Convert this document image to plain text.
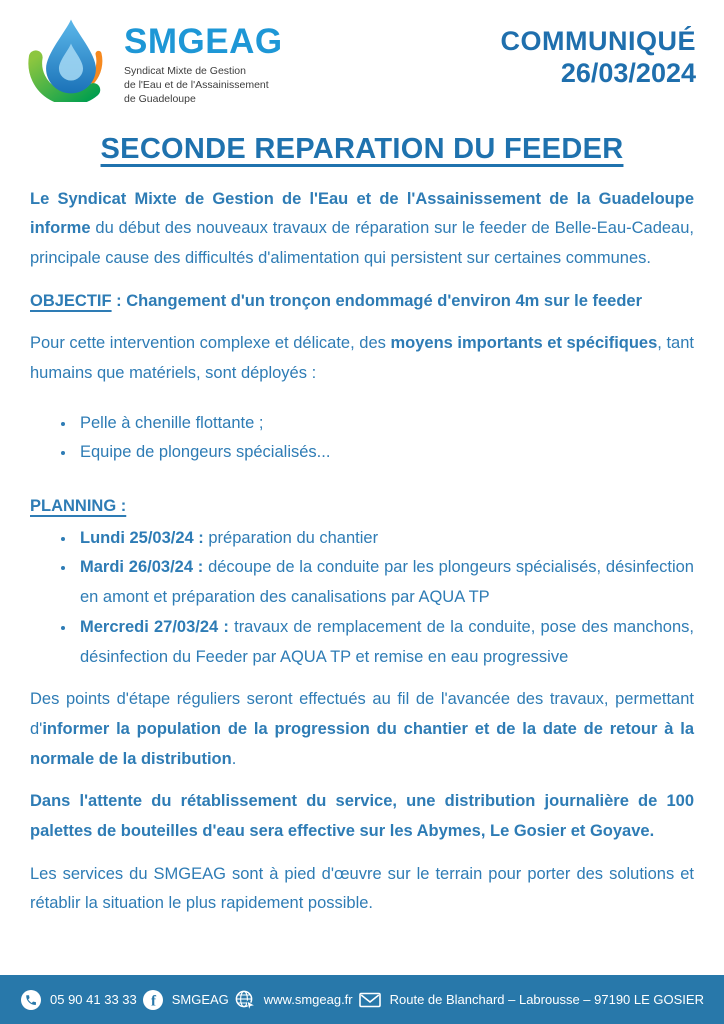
SMGEAG
Syndicat Mixte de Gestion
de l'Eau et de l'Assainissement
de Guadeloupe
COMMUNIQUÉ
26/03/2024
SECONDE REPARATION DU FEEDER

Le Syndicat Mixte de Gestion de l'Eau et de l'Assainissement de la Guadeloupe informe du début des nouveaux travaux de réparation sur le feeder de Belle-Eau-Cadeau, principale cause des difficultés d'alimentation qui persistent sur certaines communes.

OBJECTIF : Changement d'un tronçon endommagé d'environ 4m sur le feeder

Pour cette intervention complexe et délicate, des moyens importants et spécifiques, tant humains que matériels, sont déployés :

• Pelle à chenille flottante ;
• Equipe de plongeurs spécialisés...

PLANNING :

• Lundi 25/03/24 : préparation du chantier
• Mardi 26/03/24 : découpe de la conduite par les plongeurs spécialisés, désinfection en amont et préparation des canalisations par AQUA TP
• Mercredi 27/03/24 : travaux de remplacement de la conduite, pose des manchons, désinfection du Feeder par AQUA TP et remise en eau progressive

Des points d'étape réguliers seront effectués au fil de l'avancée des travaux, permettant d'informer la population de la progression du chantier et de la date de retour à la normale de la distribution.

Dans l'attente du rétablissement du service, une distribution journalière de 100 palettes de bouteilles d'eau sera effective sur les Abymes, Le Gosier et Goyave.

Les services du SMGEAG sont à pied d'œuvre sur le terrain pour porter des solutions et rétablir la situation le plus rapidement possible.

05 90 41 33 33 f SMGEAG	www.smgeag.fr	Route de Blanchard – Labrousse – 97190 LE GOSIER
